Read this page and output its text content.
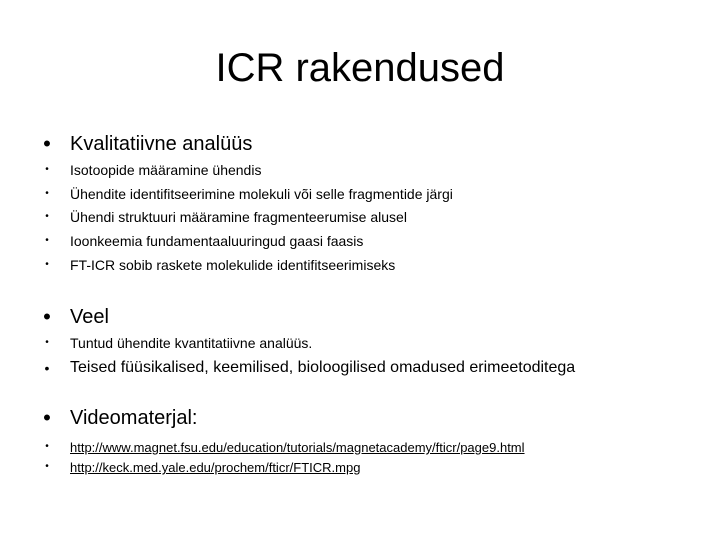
ICR rakendused
• Kvalitatiivne analüüs
•	Isotoopide määramine ühendis
•	Ühendite identifitseerimine molekuli või selle fragmentide järgi
•	Ühendi struktuuri määramine fragmenteerumise alusel
•	Ioonkeemia fundamentaaluuringud gaasi faasis
•	FT-ICR sobib raskete molekulide identifitseerimiseks
• Veel
•	Tuntud ühendite kvantitatiivne analüüs.
• Teised füüsikalised, keemilised, bioloogilised omadused erimeetoditega
• Videomaterjal:
•	http://www.magnet.fsu.edu/education/tutorials/magnetacademy/fticr/page9.html
•	http://keck.med.yale.edu/prochem/fticr/FTICR.mpg
